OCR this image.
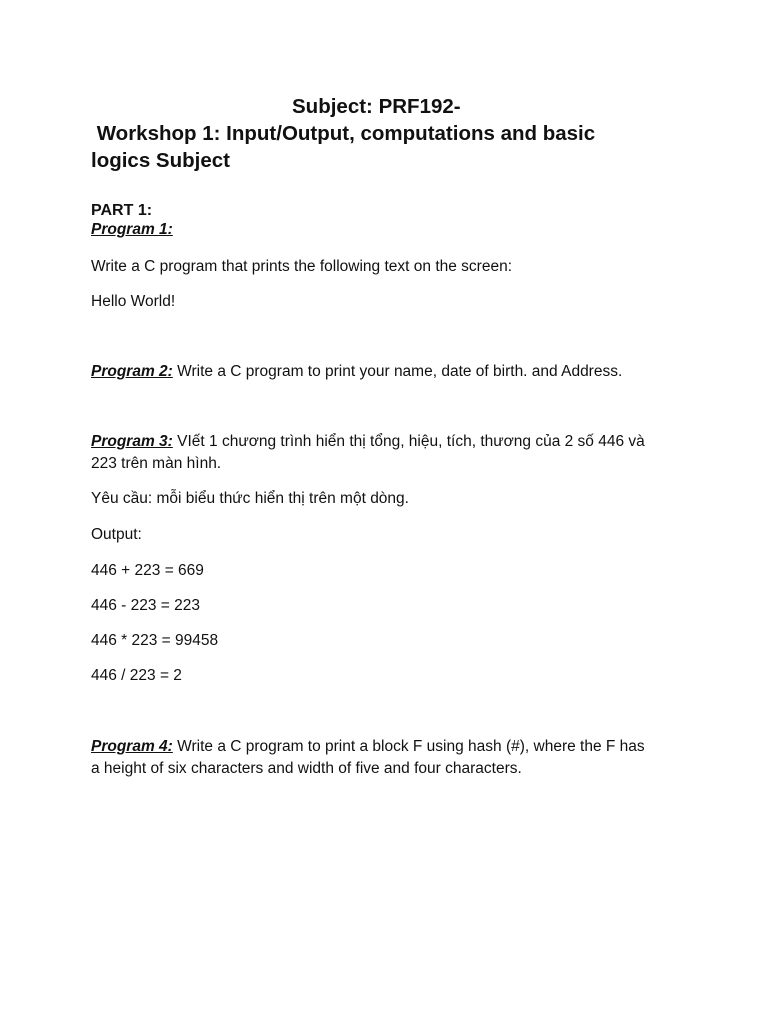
Subject: PRF192-
Workshop 1: Input/Output, computations and basic
logics Subject
PART 1:
Program 1:
Write a C program that prints the following text on the screen:
Hello World!
Program 2: Write a C program to print your name, date of birth. and Address.
Program 3: VIết 1 chương trình hiển thị tổng, hiệu, tích, thương của 2 số 446 và
223 trên màn hình.
Yêu cầu: mỗi biểu thức hiển thị trên một dòng.
Output:
446 + 223 = 669
446 - 223 = 223
446 * 223 = 99458
446 / 223 = 2
Program 4: Write a C program to print a block F using hash (#), where the F has
a height of six characters and width of five and four characters.
